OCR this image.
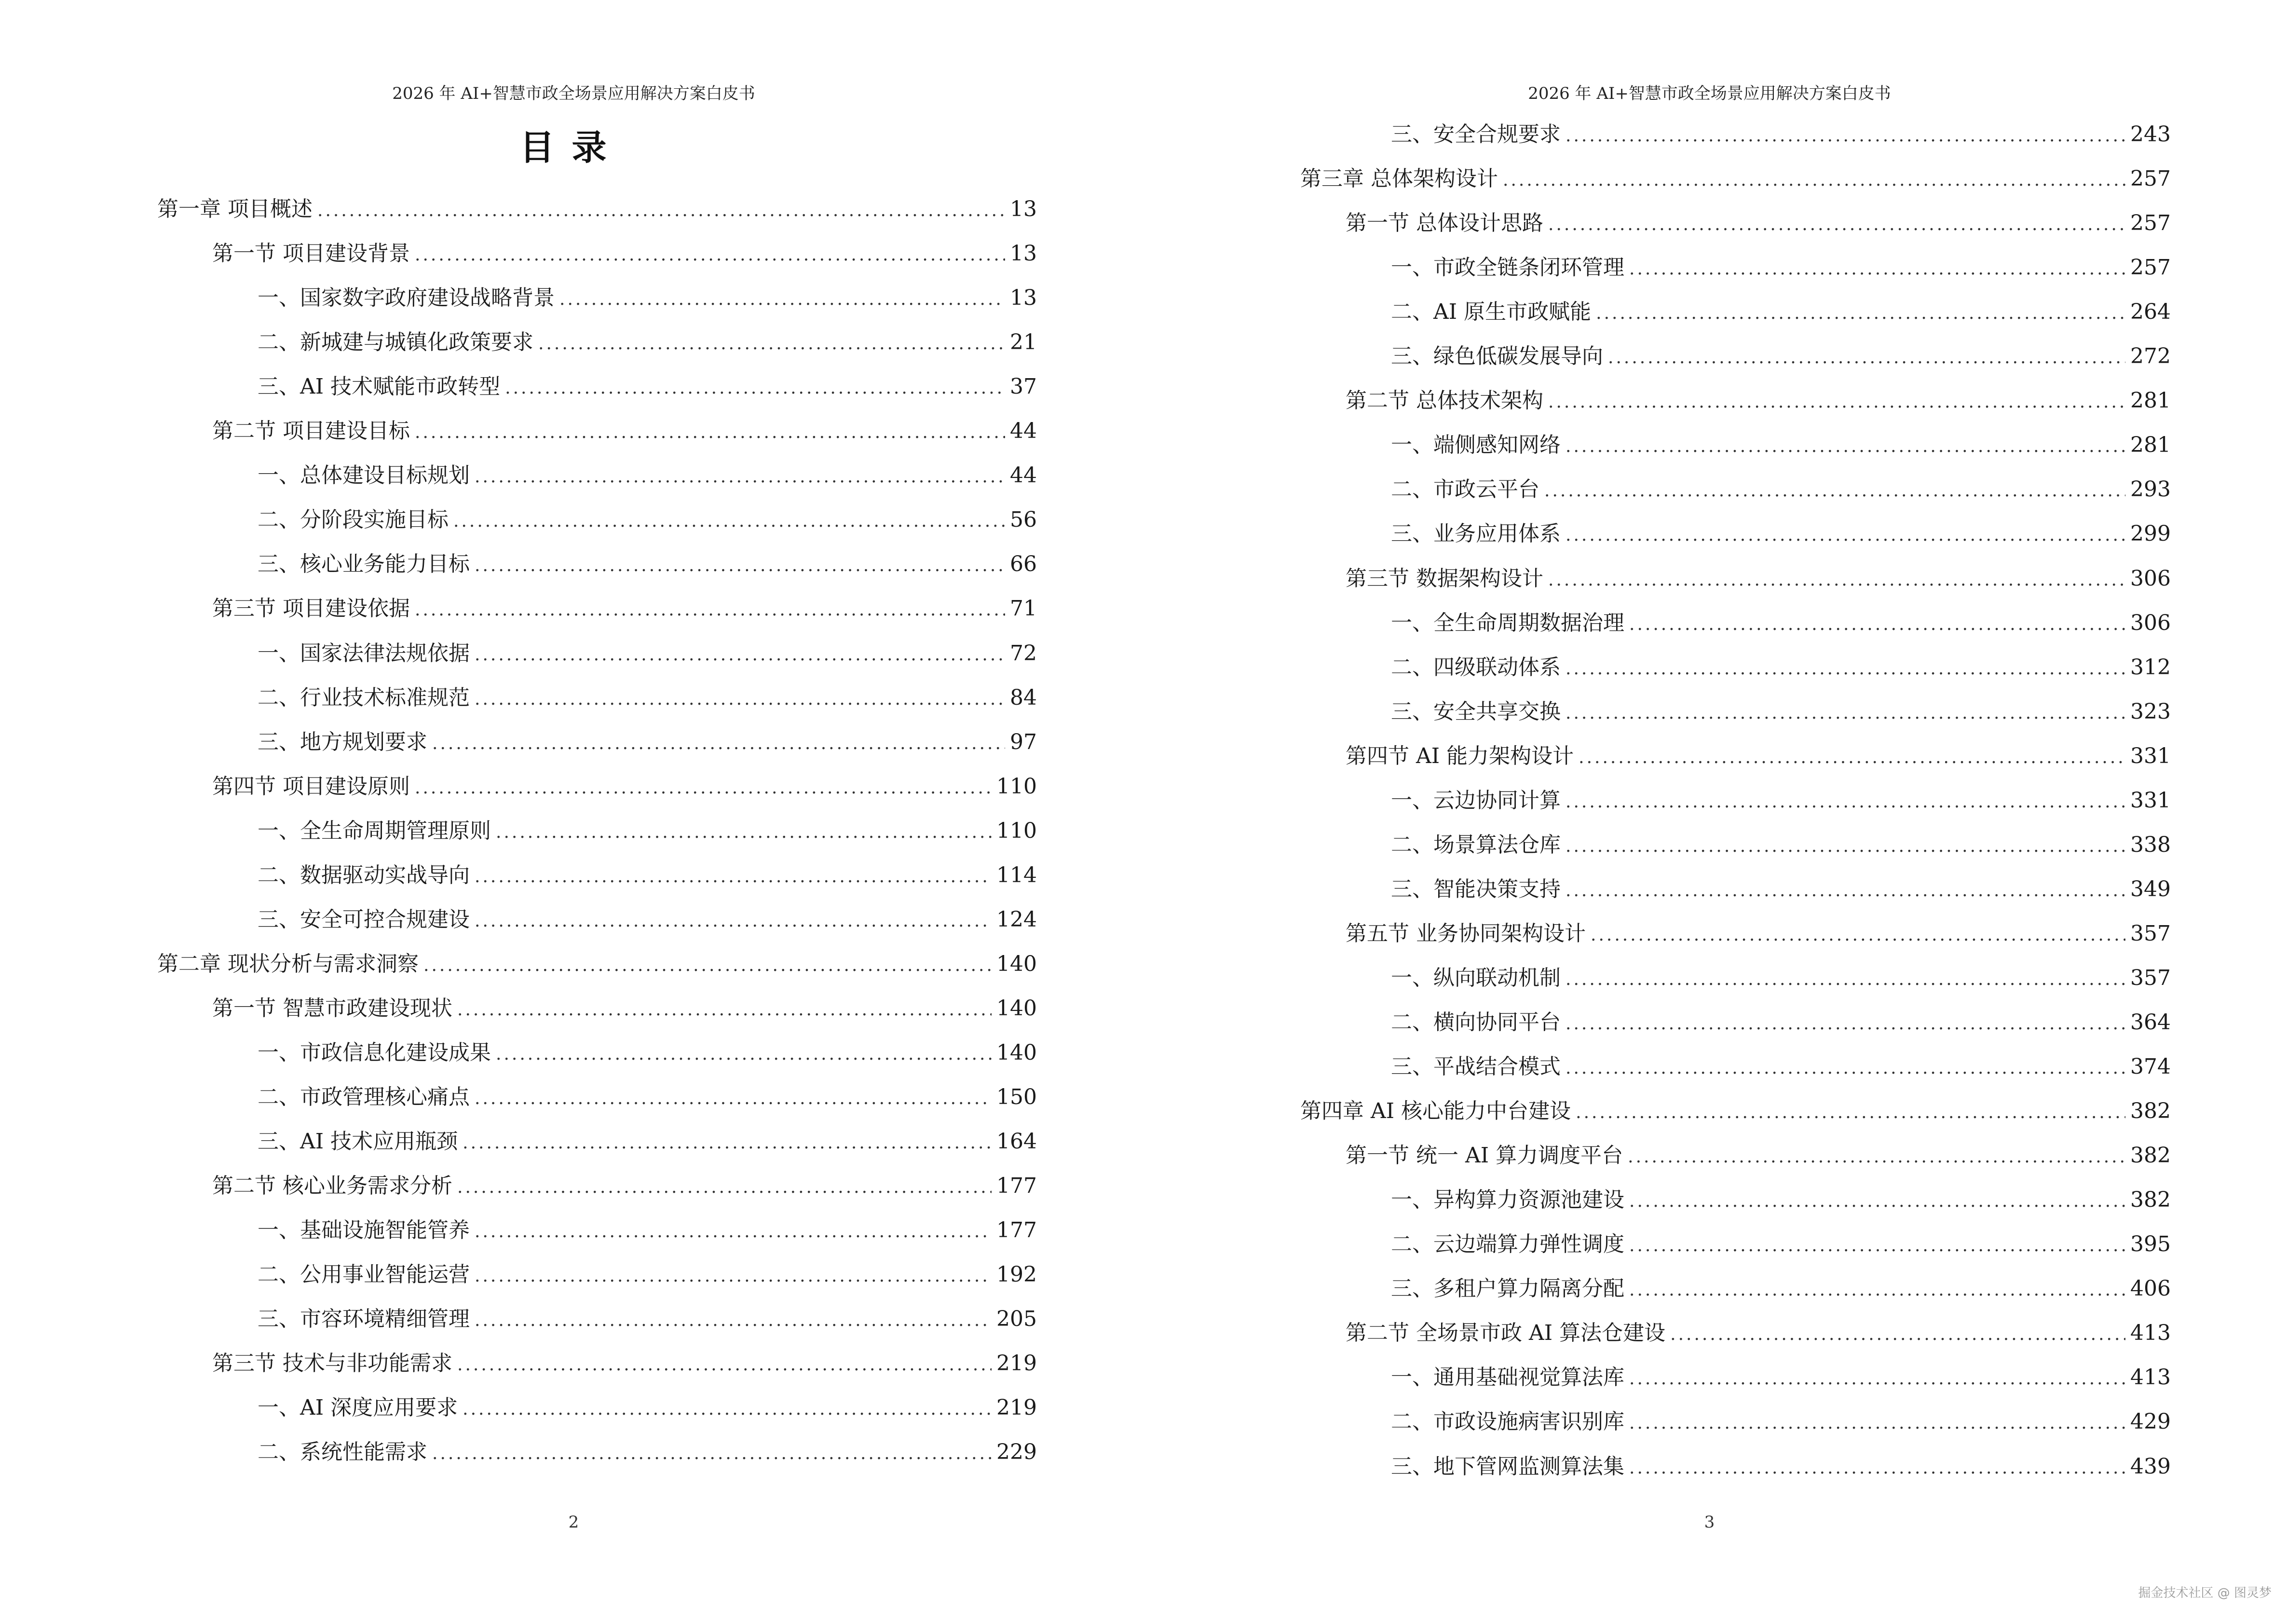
2026 年 AI+智慧市政全场景应用解决方案白皮书
目录
第一章 项目概述 .....	13
第一节 项目建设背景 .....	13
一、国家数字政府建设战略背景 .....	13
二、新城建与城镇化政策要求 .....	21
三、AI 技术赋能市政转型 .....	37
第二节 项目建设目标 .....	44
一、总体建设目标规划 .....	44
二、分阶段实施目标 .....	56
三、核心业务能力目标 .....	66
第三节 项目建设依据 .....	71
一、国家法律法规依据 .....	72
二、行业技术标准规范 .....	84
三、地方规划要求 .....	97
第四节 项目建设原则 .....	110
一、全生命周期管理原则 .....	110
二、数据驱动实战导向 .....	114
三、安全可控合规建设 .....	124
第二章 现状分析与需求洞察 .....	140
第一节 智慧市政建设现状 .....	140
一、市政信息化建设成果 .....	140
二、市政管理核心痛点 .....	150
三、AI 技术应用瓶颈 .....	164
第二节 核心业务需求分析 .....	177
一、基础设施智能管养 .....	177
二、公用事业智能运营 .....	192
三、市容环境精细管理 .....	205
第三节 技术与非功能需求 .....	219
一、AI 深度应用要求 .....	219
二、系统性能需求 .....	229
2
2026 年 AI+智慧市政全场景应用解决方案白皮书
三、安全合规要求 .....	243
第三章 总体架构设计 .....	257
第一节 总体设计思路 .....	257
一、市政全链条闭环管理 .....	257
二、AI 原生市政赋能 .....	264
三、绿色低碳发展导向 .....	272
第二节 总体技术架构 .....	281
一、端侧感知网络 .....	281
二、市政云平台 .....	293
三、业务应用体系 .....	299
第三节 数据架构设计 .....	306
一、全生命周期数据治理 .....	306
二、四级联动体系 .....	312
三、安全共享交换 .....	323
第四节 AI 能力架构设计 .....	331
一、云边协同计算 .....	331
二、场景算法仓库 .....	338
三、智能决策支持 .....	349
第五节 业务协同架构设计 .....	357
一、纵向联动机制 .....	357
二、横向协同平台 .....	364
三、平战结合模式 .....	374
第四章 AI 核心能力中台建设 .....	382
第一节 统一 AI 算力调度平台 .....	382
一、异构算力资源池建设 .....	382
二、云边端算力弹性调度 .....	395
三、多租户算力隔离分配 .....	406
第二节 全场景市政 AI 算法仓建设 .....	413
一、通用基础视觉算法库 .....	413
二、市政设施病害识别库 .....	429
三、地下管网监测算法集 .....	439
3
掘金技术社区 @ 图灵梦
